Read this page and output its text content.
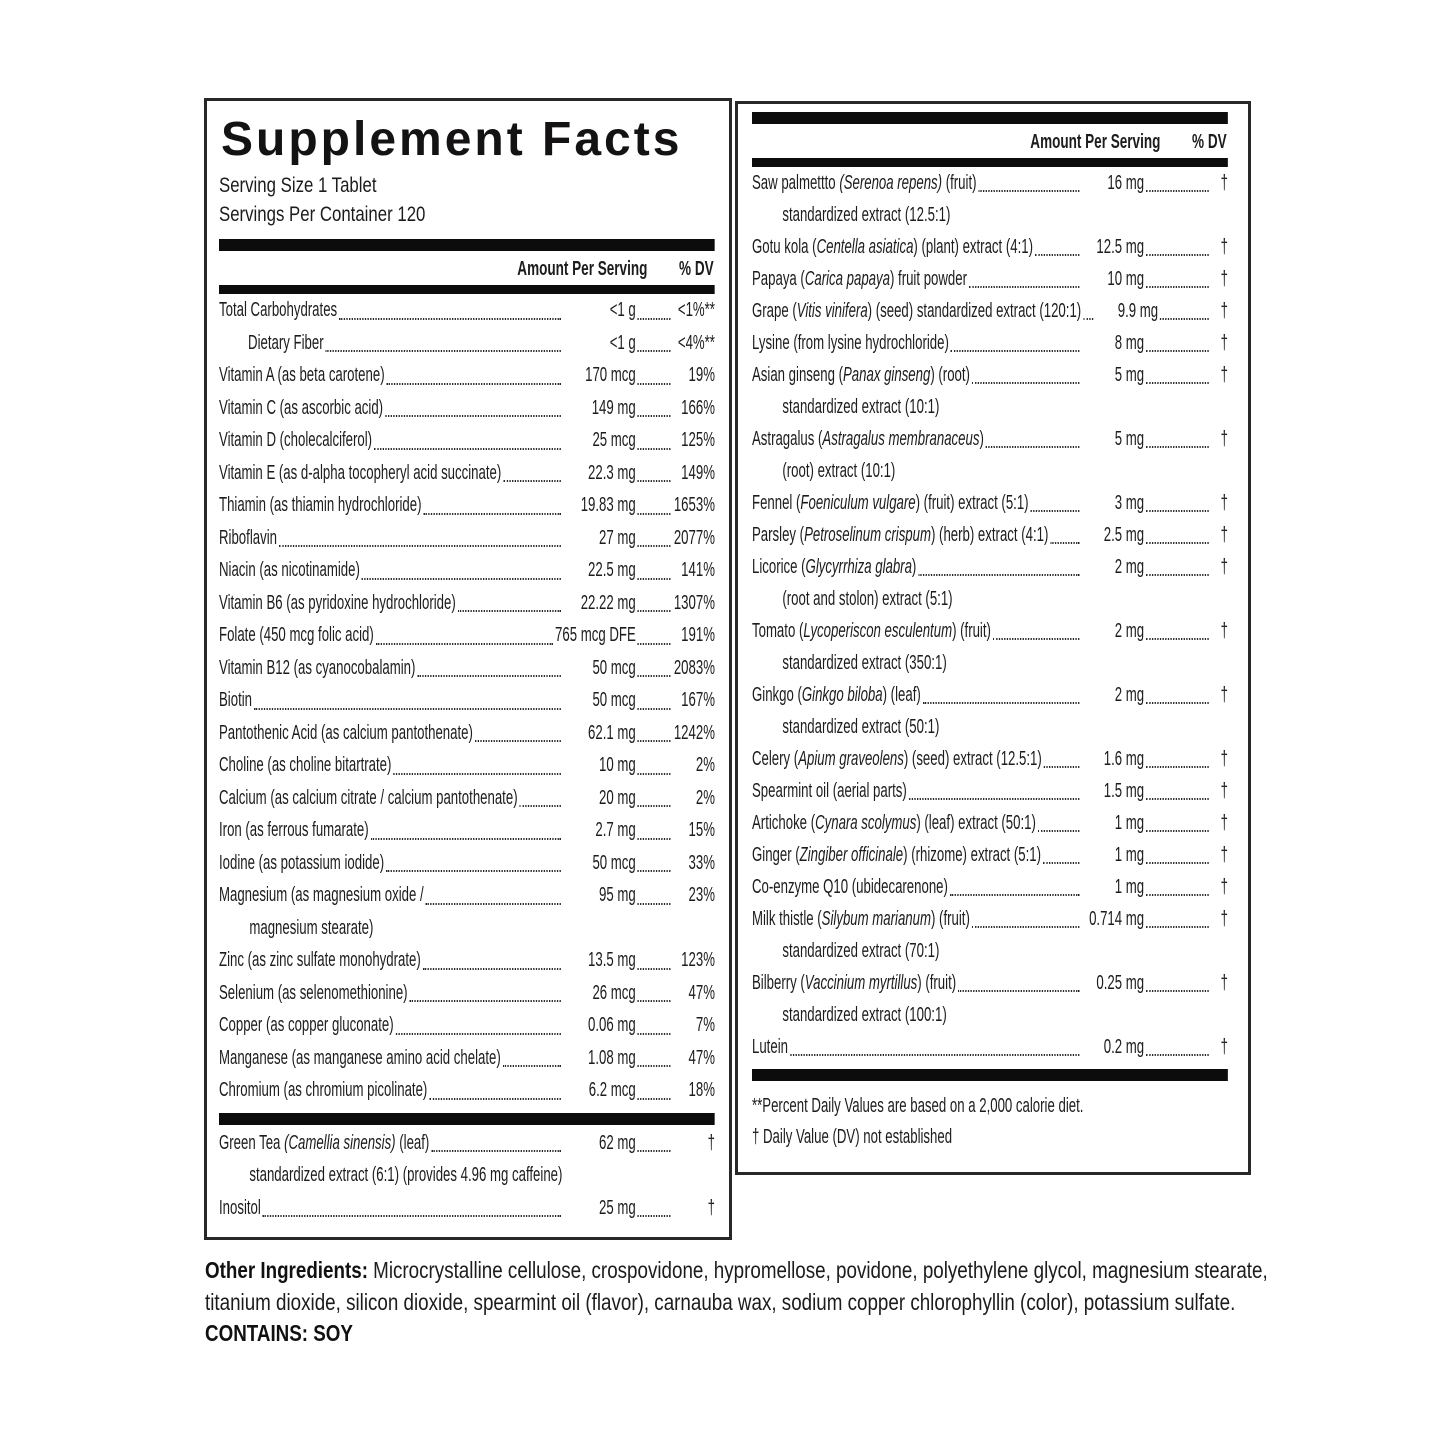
Supplement Facts
Serving Size 1 Tablet
Servings Per Container 120
Amount Per Serving % DV
Total Carbohydrates	<1 g <1%**
Dietary Fiber	<1 g <4%**
Vitamin A (as beta carotene)	170 mcg	19%
Vitamin C (as ascorbic acid)	149 mg	166%
Vitamin D (cholecalciferol)	25 mcg	125%
Vitamin E (as d-alpha tocopheryl acid succinate)	22.3 mg	149%
Thiamin (as thiamin hydrochloride)	19.83 mg 1653%
Riboflavin	27 mg 2077%
Niacin (as nicotinamide)	22.5 mg	141%
Vitamin B6 (as pyridoxine hydrochloride)	22.22 mg 1307%
Folate (450 mcg folic acid)	765 mcg DFE	191%
Vitamin B12 (as cyanocobalamin)	50 mcg 2083%
Biotin	50 mcg	167%
Pantothenic Acid (as calcium pantothenate)	62.1 mg 1242%
Choline (as choline bitartrate)	10 mg	2%
Calcium (as calcium citrate / calcium pantothenate)	20 mg	2%
Iron (as ferrous fumarate)	2.7 mg	15%
Iodine (as potassium iodide)	50 mcg	33%
Magnesium (as magnesium oxide /	95 mg	23%
magnesium stearate)
Zinc (as zinc sulfate monohydrate)	13.5 mg	123%
Selenium (as selenomethionine)	26 mcg	47%
Copper (as copper gluconate)	0.06 mg	7%
Manganese (as manganese amino acid chelate)	1.08 mg	47%
Chromium (as chromium picolinate)	6.2 mcg	18%
Green Tea (Camellia sinensis) (leaf)	62 mg	†
standardized extract (6:1) (provides 4.96 mg caffeine)
Inositol	25 mg	†
Amount Per Serving % DV
Saw palmettto (Serenoa repens) (fruit)	16 mg	†
standardized extract (12.5:1)
Gotu kola (Centella asiatica) (plant) extract (4:1)	12.5 mg	†
Papaya (Carica papaya) fruit powder	10 mg	†
Grape (Vitis vinifera) (seed) standardized extract (120:1)	9.9 mg	†
Lysine (from lysine hydrochloride)	8 mg	†
Asian ginseng (Panax ginseng) (root)	5 mg	†
standardized extract (10:1)
Astragalus (Astragalus membranaceus)	5 mg	†
(root) extract (10:1)
Fennel (Foeniculum vulgare) (fruit) extract (5:1)	3 mg	†
Parsley (Petroselinum crispum) (herb) extract (4:1)	2.5 mg	†
Licorice (Glycyrrhiza glabra)	2 mg	†
(root and stolon) extract (5:1)
Tomato (Lycoperiscon esculentum) (fruit)	2 mg	†
standardized extract (350:1)
Ginkgo (Ginkgo biloba) (leaf)	2 mg	†
standardized extract (50:1)
Celery (Apium graveolens) (seed) extract (12.5:1)	1.6 mg	†
Spearmint oil (aerial parts)	1.5 mg	†
Artichoke (Cynara scolymus) (leaf) extract (50:1)	1 mg	†
Ginger (Zingiber officinale) (rhizome) extract (5:1)	1 mg	†
Co-enzyme Q10 (ubidecarenone)	1 mg	†
Milk thistle (Silybum marianum) (fruit)	0.714 mg	†
standardized extract (70:1)
Bilberry (Vaccinium myrtillus) (fruit)	0.25 mg	†
standardized extract (100:1)
Lutein	0.2 mg	†
**Percent Daily Values are based on a 2,000 calorie diet.
† Daily Value (DV) not established

Other Ingredients: Microcrystalline cellulose, crospovidone, hypromellose, povidone, polyethylene glycol, magnesium stearate, titanium dioxide, silicon dioxide, spearmint oil (flavor), carnauba wax, sodium copper chlorophyllin (color), potassium sulfate. CONTAINS: SOY
